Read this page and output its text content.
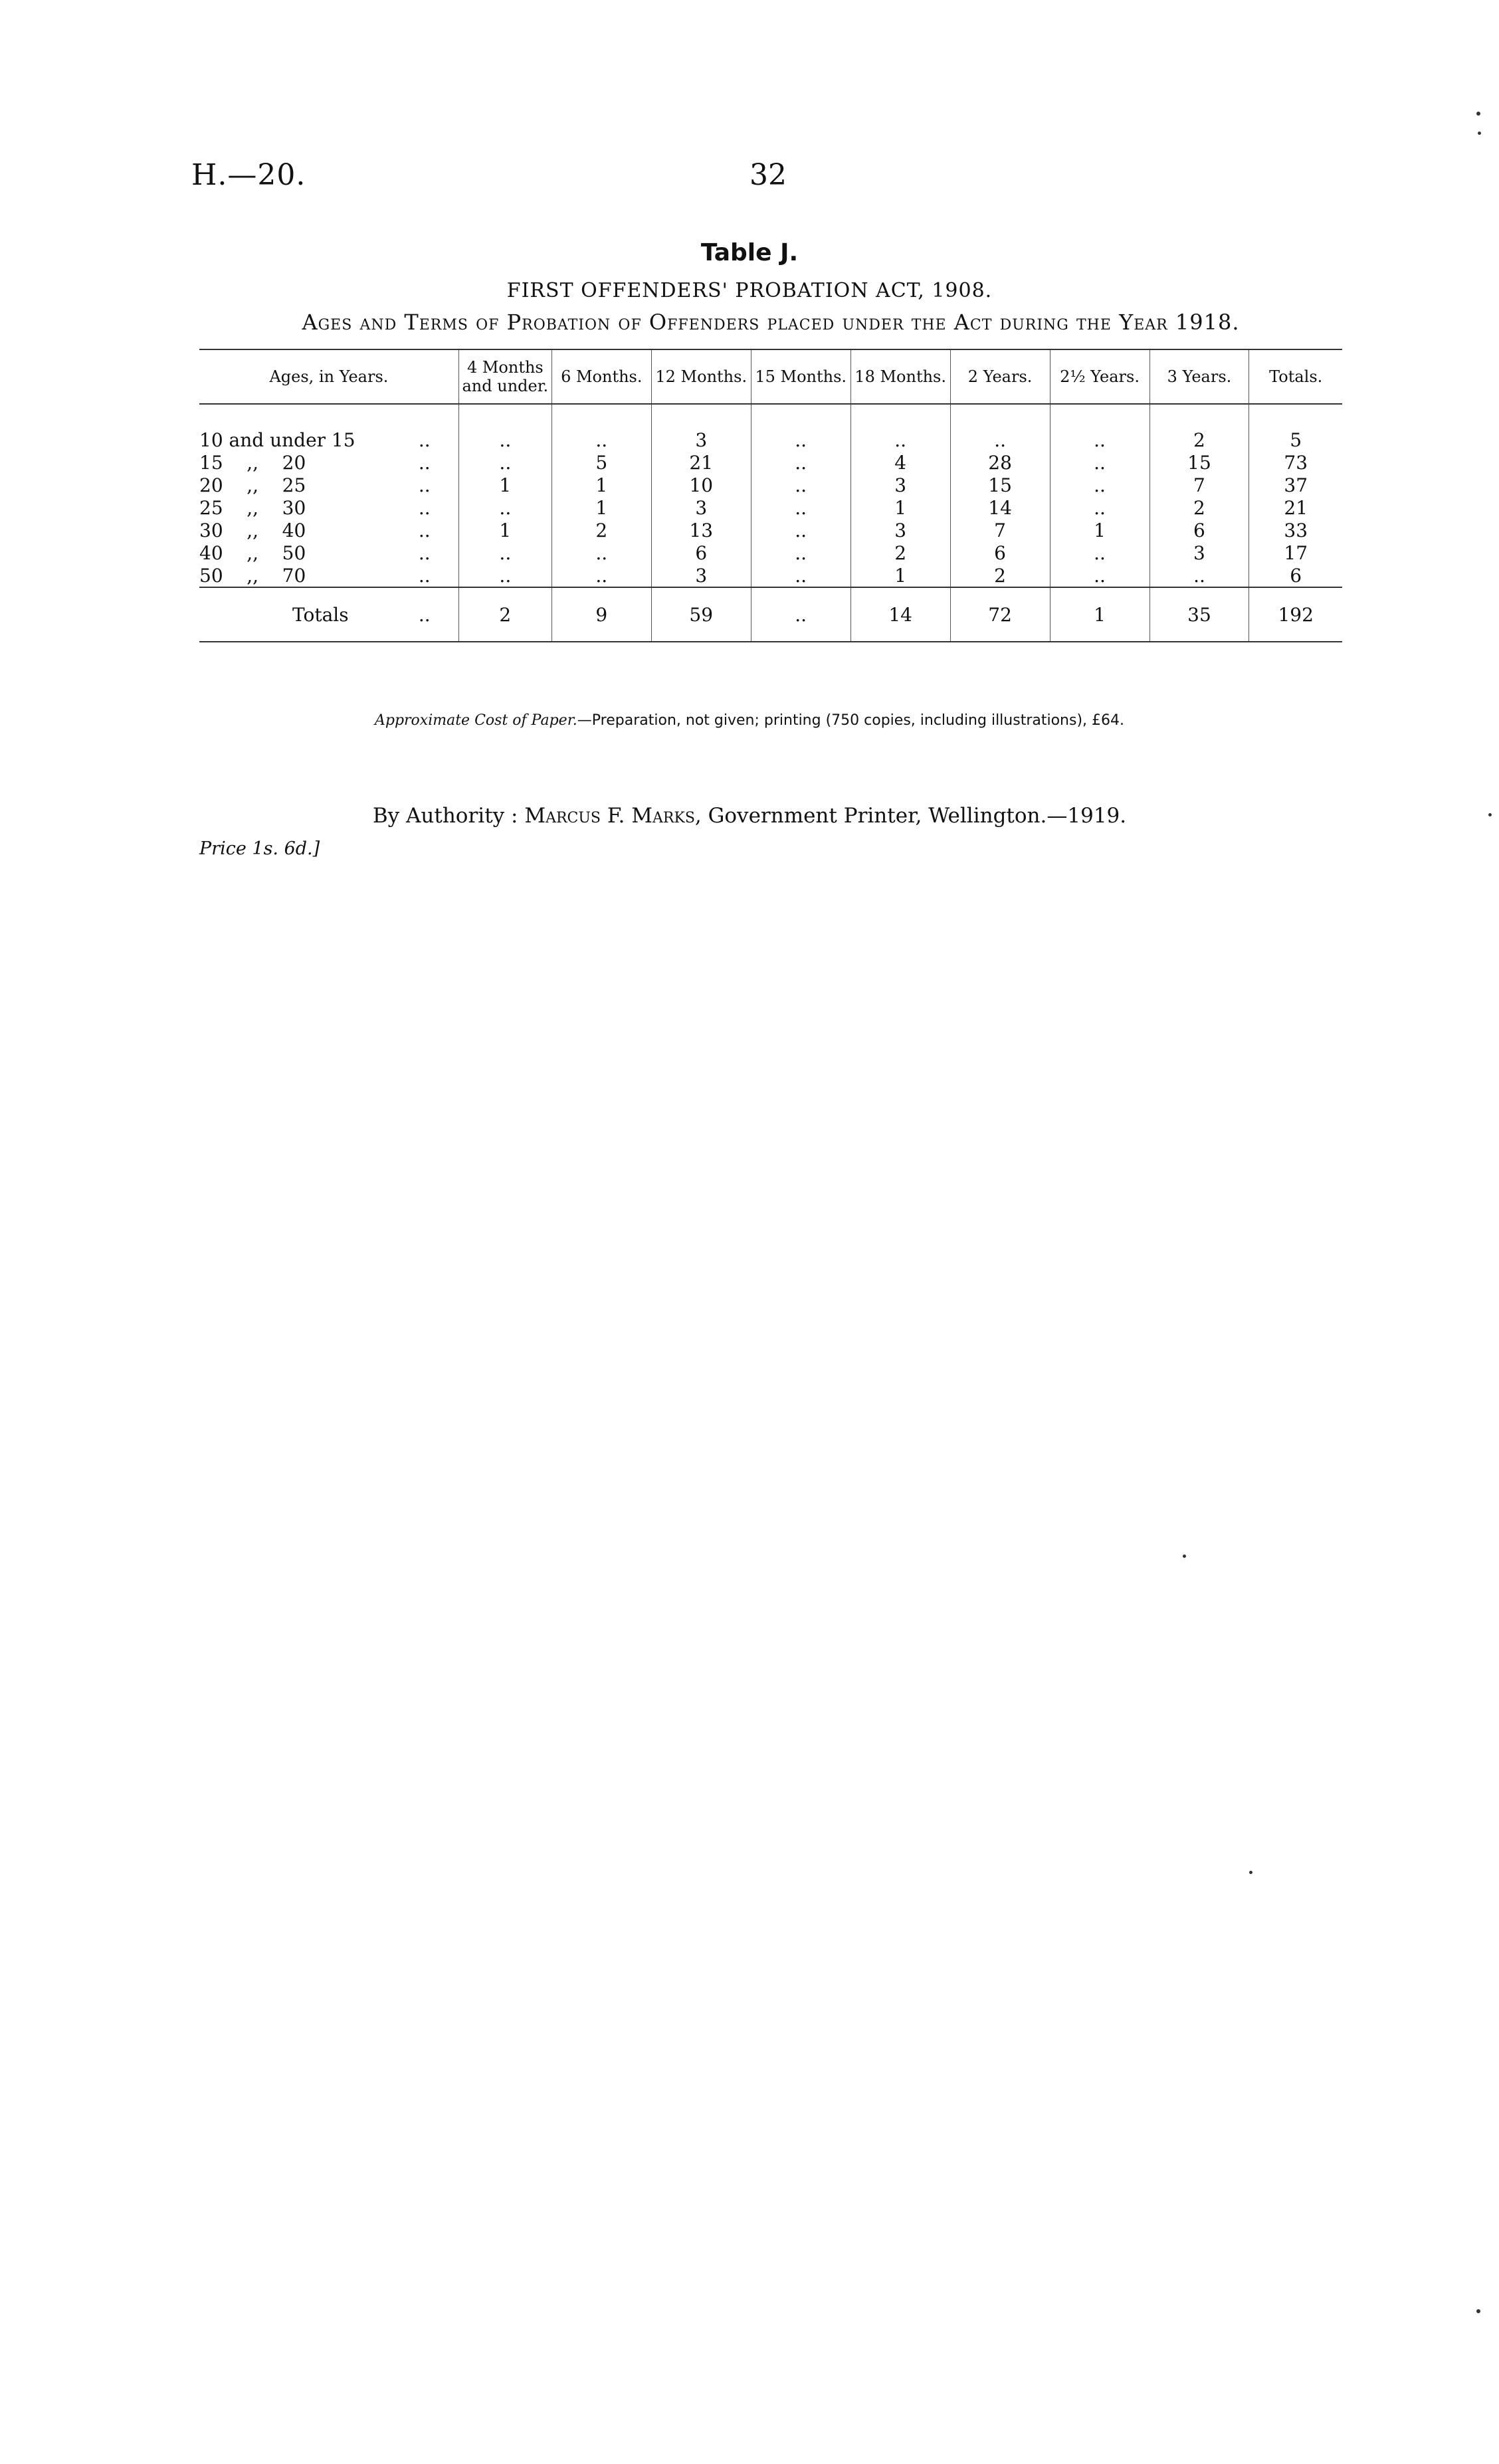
H.—20.	32
Table J.
FIRST OFFENDERS' PROBATION ACT, 1908.
Ages and Terms of Probation of Offenders placed under the Act during the Year 1918.
Ages, in Years.		4 Months and under.	6 Months.	12 Months.	15 Months.	18 Months.	2 Years.	2½ Years.	3 Years.	Totals.
10 and under 15	..	..	..	3	..	..	..	..	2	5
15    ,,    20	..	..	5	21	..	4	28	..	15	73
20    ,,    25	..	1	1	10	..	3	15	..	7	37
25    ,,    30	..	..	1	3	..	1	14	..	2	21
30    ,,    40	..	1	2	13	..	3	7	1	6	33
40    ,,    50	..	..	..	6	..	2	6	..	3	17
50    ,,    70	..	..	..	3	..	1	2	..	..	6
Totals	..	2	9	59	..	14	72	1	35	192
Approximate Cost of Paper.—Preparation, not given; printing (750 copies, including illustrations), £64.
By Authority : Marcus F. Marks, Government Printer, Wellington.—1919.
Price 1s. 6d.]
